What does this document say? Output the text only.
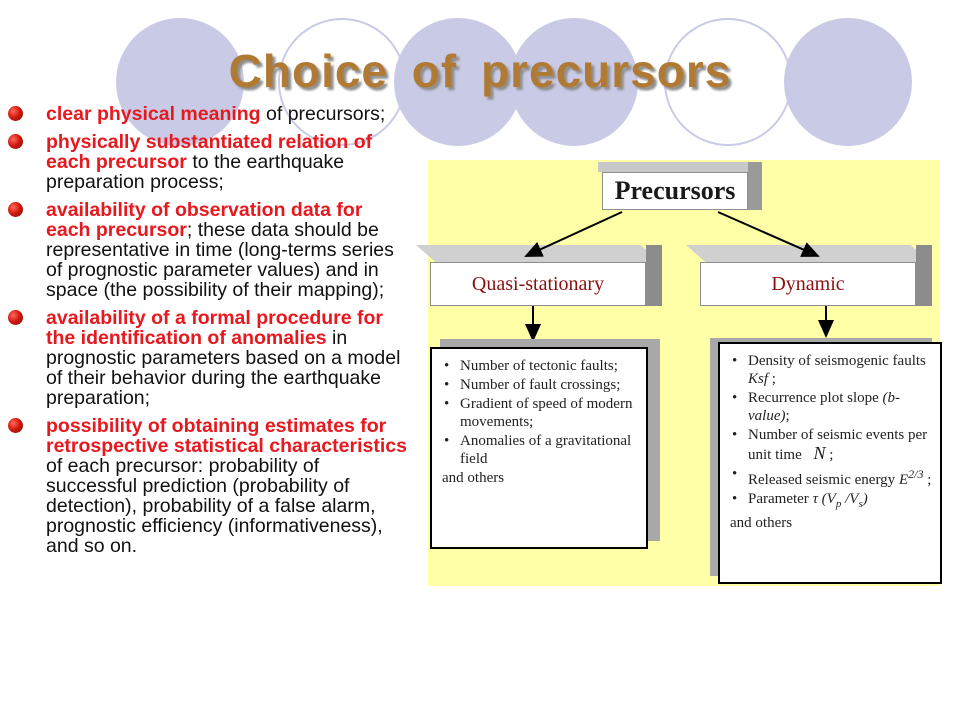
Choice of precursors
clear physical meaning of precursors;
physically substantiated relation of each precursor to the earthquake preparation process;
availability of observation data for each precursor; these data should be representative in time (long-terms series of prognostic parameter values) and in space (the possibility of their mapping);
availability of a formal procedure for the identification of anomalies in prognostic parameters based on a model of their behavior during the earthquake preparation;
possibility of obtaining estimates for retrospective statistical characteristics of each precursor: probability of successful prediction (probability of detection), probability of a false alarm, prognostic efficiency (informativeness), and so on.
Precursors
Quasi-stationary	Dynamic
• Number of tectonic faults;
• Number of fault crossings;
• Gradient of speed of modern movements;
• Anomalies of a gravitational field
and others
• Density of seismogenic faults Ksf ;
• Recurrence plot slope (b-value);
• Number of seismic events per unit time N ;
• Released seismic energy $E^{2/3}$ ;
• Parameter τ ($V_p$ $/V_s$)
and others
